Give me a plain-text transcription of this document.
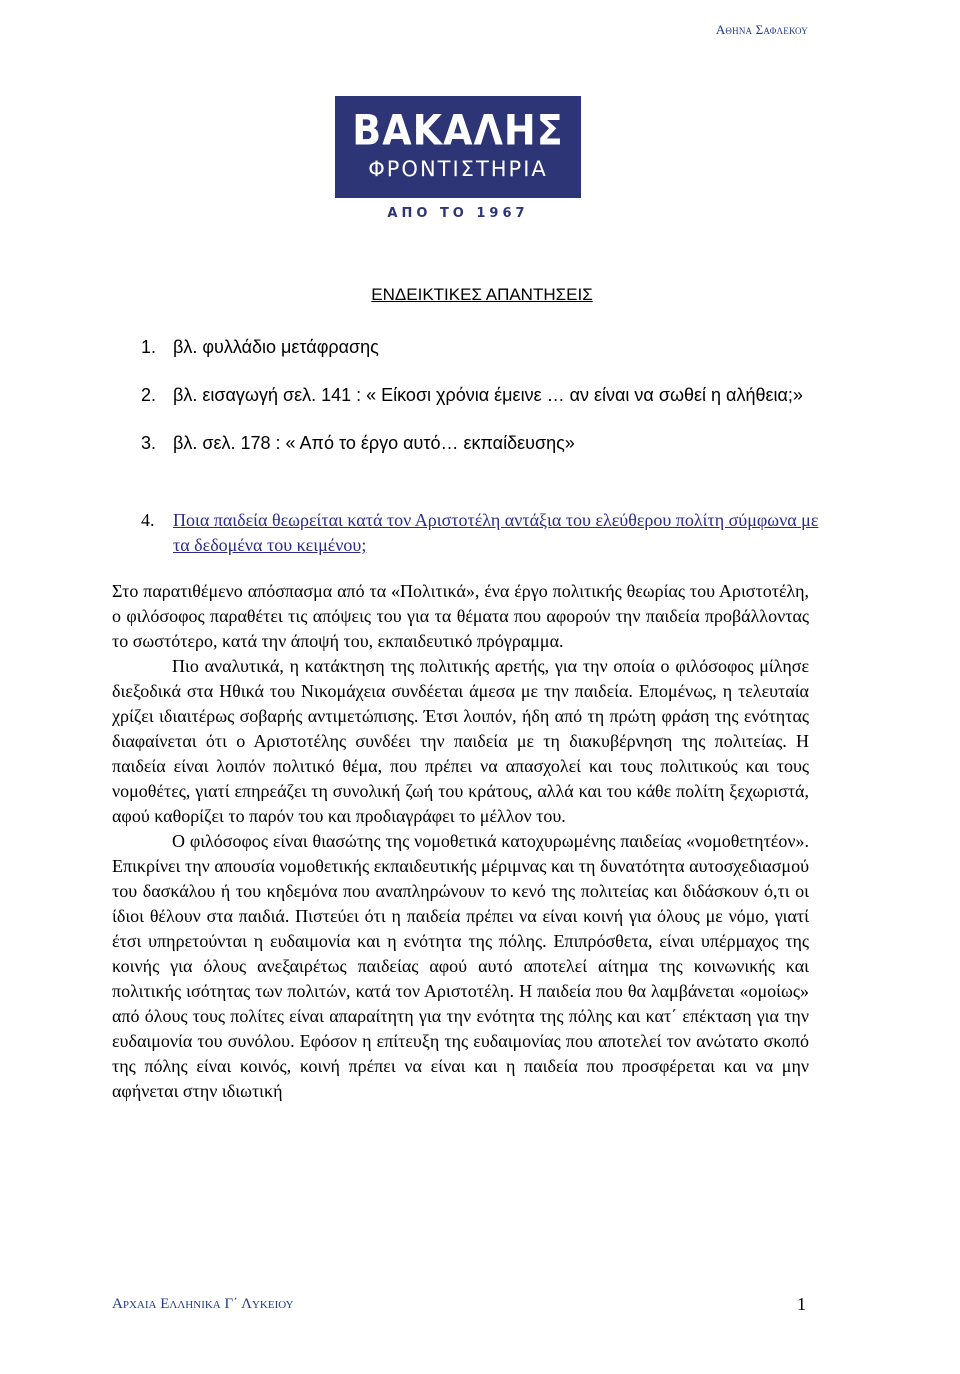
Αθηνα Σαφλεκου
ΒΑΚΑΛΗΣ
ΦΡΟΝΤΙΣΤΗΡΙΑ
ΑΠΟ ΤΟ 1967
ΕΝΔΕΙΚΤΙΚΕΣ ΑΠΑΝΤΗΣΕΙΣ
1. βλ. φυλλάδιο μετάφρασης
2. βλ. εισαγωγή σελ. 141 : « Είκοσι χρόνια έμεινε … αν είναι να σωθεί η αλήθεια;»
3. βλ. σελ. 178 : « Από το έργο αυτό… εκπαίδευσης»
4.	Ποια παιδεία θεωρείται κατά τον Αριστοτέλη αντάξια του ελεύθερου πολίτη σύμφωνα με τα δεδομένα του κειμένου;

Στο παρατιθέμενο απόσπασμα από τα «Πολιτικά», ένα έργο πολιτικής θεωρίας του Αριστοτέλη, ο φιλόσοφος παραθέτει τις απόψεις του για τα θέματα που αφορούν την παιδεία προβάλλοντας το σωστότερο, κατά την άποψή του, εκπαιδευτικό πρόγραμμα.

Πιο αναλυτικά, η κατάκτηση της πολιτικής αρετής, για την οποία ο φιλόσοφος μίλησε διεξοδικά στα Ηθικά του Νικομάχεια συνδέεται άμεσα με την παιδεία. Επομένως, η τελευταία χρίζει ιδιαιτέρως σοβαρής αντιμετώπισης. Έτσι λοιπόν, ήδη από τη πρώτη φράση της ενότητας διαφαίνεται ότι ο Αριστοτέλης συνδέει την παιδεία με τη διακυβέρνηση της πολιτείας. Η παιδεία είναι λοιπόν πολιτικό θέμα, που πρέπει να απασχολεί και τους πολιτικούς και τους νομοθέτες, γιατί επηρεάζει τη συνολική ζωή του κράτους, αλλά και του κάθε πολίτη ξεχωριστά, αφού καθορίζει το παρόν του και προδιαγράφει το μέλλον του.

Ο φιλόσοφος είναι θιασώτης της νομοθετικά κατοχυρωμένης παιδείας «νομοθετητέον». Επικρίνει την απουσία νομοθετικής εκπαιδευτικής μέριμνας και τη δυνατότητα αυτοσχεδιασμού του δασκάλου ή του κηδεμόνα που αναπληρώνουν το κενό της πολιτείας και διδάσκουν ό,τι οι ίδιοι θέλουν στα παιδιά. Πιστεύει ότι η παιδεία πρέπει να είναι κοινή για όλους με νόμο, γιατί έτσι υπηρετούνται η ευδαιμονία και η ενότητα της πόλης. Επιπρόσθετα, είναι υπέρμαχος της κοινής για όλους ανεξαιρέτως παιδείας αφού αυτό αποτελεί αίτημα της κοινωνικής και πολιτικής ισότητας των πολιτών, κατά τον Αριστοτέλη. Η παιδεία που θα λαμβάνεται «ομοίως» από όλους τους πολίτες είναι απαραίτητη για την ενότητα της πόλης και κατ΄ επέκταση για την ευδαιμονία του συνόλου. Εφόσον η επίτευξη της ευδαιμονίας που αποτελεί τον ανώτατο σκοπό της πόλης είναι κοινός, κοινή πρέπει να είναι και η παιδεία που προσφέρεται και να μην αφήνεται στην ιδιωτική

Αρχαια Ελληνικα Γ΄ Λυκειου	1
